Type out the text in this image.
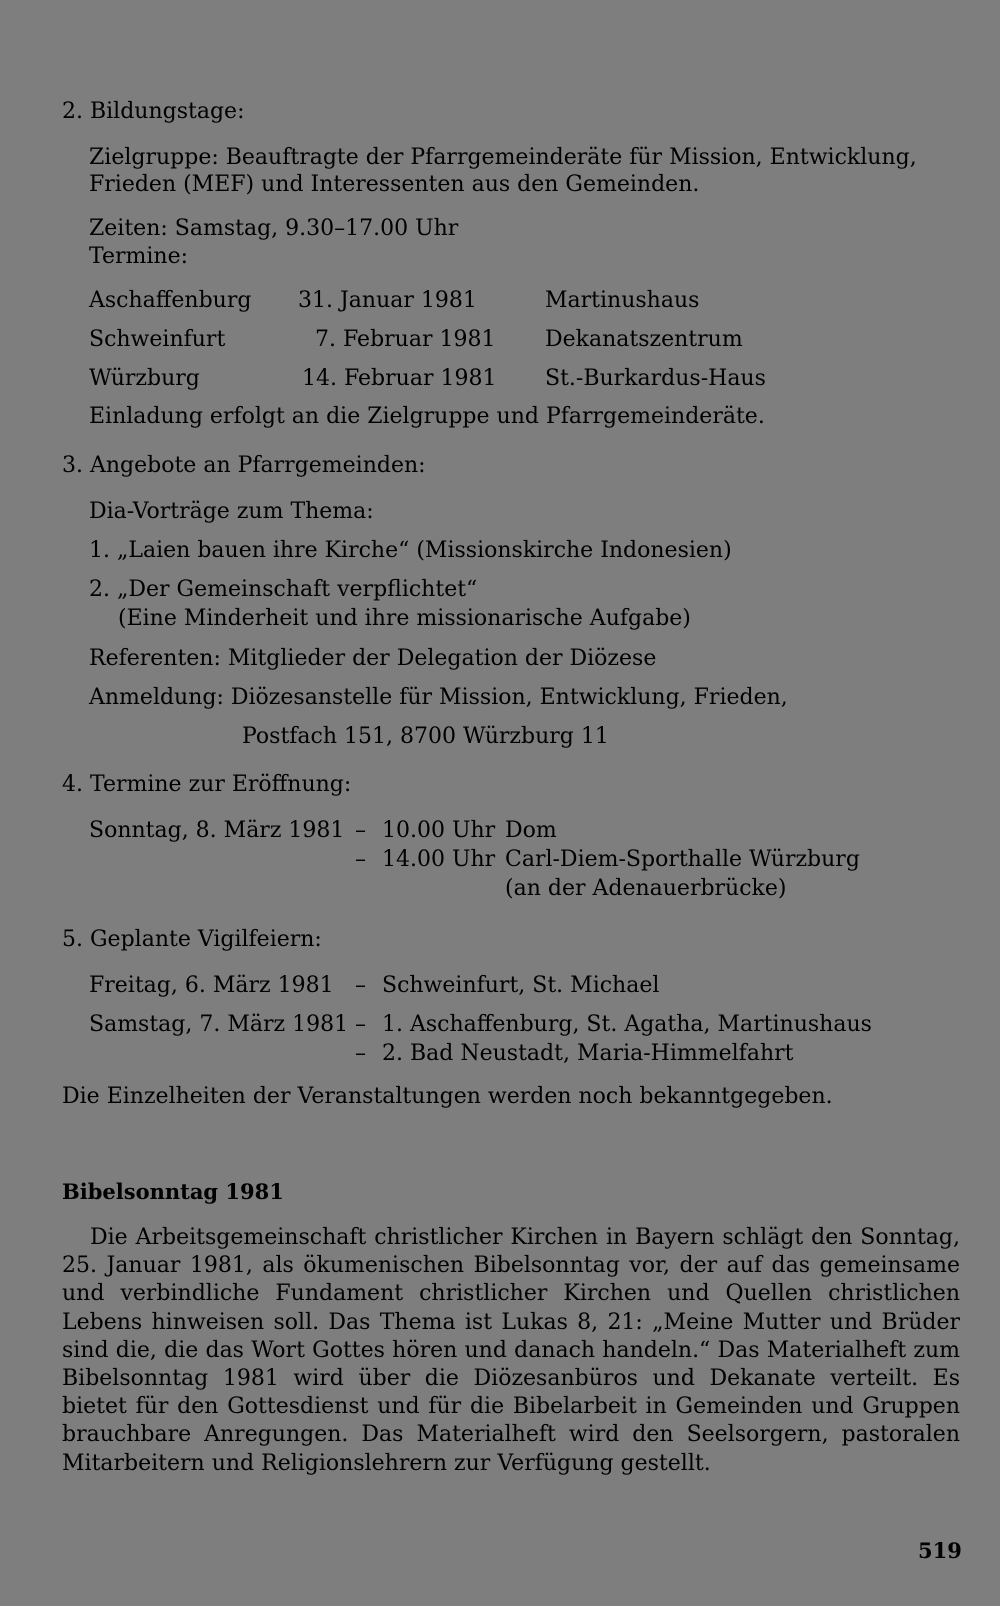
2. Bildungstage:
Zielgruppe: Beauftragte der Pfarrgemeinderäte für Mission, Entwicklung,
Frieden (MEF) und Interessenten aus den Gemeinden.
Zeiten: Samstag, 9.30–17.00 Uhr
Termine:
Aschaffenburg 31. Januar 1981	Martinushaus
Schweinfurt	7. Februar 1981 Dekanatszentrum
Würzburg	14. Februar 1981 St.-Burkardus-Haus
Einladung erfolgt an die Zielgruppe und Pfarrgemeinderäte.
3. Angebote an Pfarrgemeinden:
Dia-Vorträge zum Thema:
1. „Laien bauen ihre Kirche“ (Missionskirche Indonesien)
2. „Der Gemeinschaft verpflichtet“
(Eine Minderheit und ihre missionarische Aufgabe)
Referenten: Mitglieder der Delegation der Diözese
Anmeldung: Diözesanstelle für Mission, Entwicklung, Frieden,
Postfach 151, 8700 Würzburg 11
4. Termine zur Eröffnung:
Sonntag, 8. März 1981 – 10.00 Uhr Dom
– 14.00 Uhr Carl-Diem-Sporthalle Würzburg
(an der Adenauerbrücke)
5. Geplante Vigilfeiern:
Freitag, 6. März 1981 – Schweinfurt, St. Michael
Samstag, 7. März 1981 – 1. Aschaffenburg, St. Agatha, Martinushaus
– 2. Bad Neustadt, Maria-Himmelfahrt
Die Einzelheiten der Veranstaltungen werden noch bekanntgegeben.
Bibelsonntag 1981
Die Arbeitsgemeinschaft christlicher Kirchen in Bayern schlägt den Sonntag, 25. Januar 1981, als ökumenischen Bibelsonntag vor, der auf das gemeinsame und verbindliche Fundament christlicher Kirchen und Quellen christlichen Lebens hinweisen soll. Das Thema ist Lukas 8, 21: „Meine Mutter und Brüder sind die, die das Wort Gottes hören und danach handeln.“ Das Materialheft zum Bibelsonntag 1981 wird über die Diözesanbüros und Dekanate verteilt. Es bietet für den Gottesdienst und für die Bibelarbeit in Gemeinden und Gruppen brauchbare Anregungen. Das Materialheft wird den Seelsorgern, pastoralen Mitarbeitern und Religionslehrern zur Verfügung gestellt.
519
